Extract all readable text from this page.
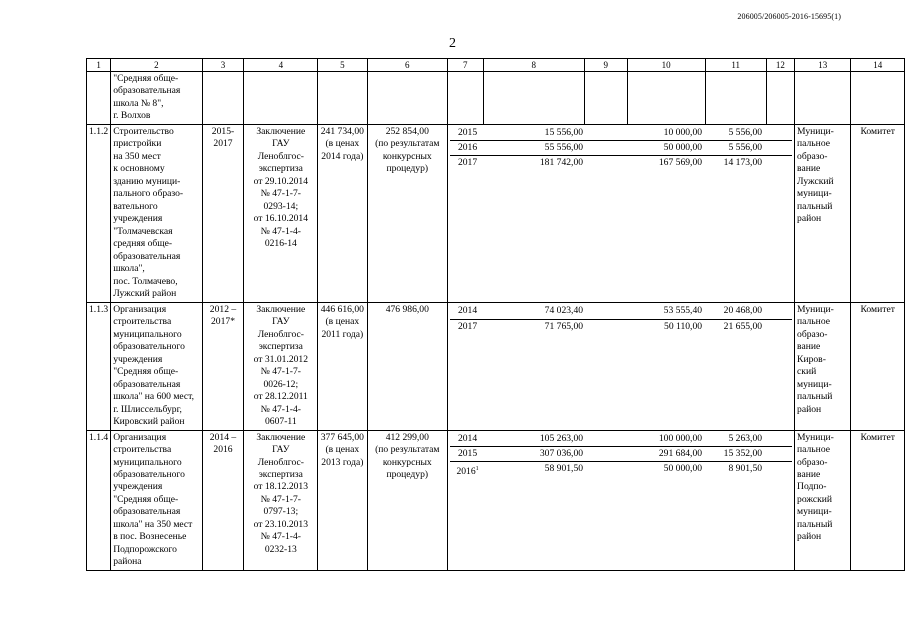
206005/206005-2016-15695(1)
2
1	2	3	4	5	6	7	8	9	10	11	12	13	14
	"Средняя обще-
образовательная
школа № 8",
г. Волхов												
1.1.2	Строительство
пристройки
на 350 мест
к основному
зданию муници-
пального образо-
вательного
учреждения
"Толмачевская
средняя обще-
образовательная
школа",
пос. Толмачево,
Лужский район	2015-
2017	Заключение
ГАУ
Ленoблгос-
экспертиза
от 29.10.2014
№ 47-1-7-
0293-14;
от 16.10.2014
№ 47-1-4-
0216-14	241 734,00
(в ценах
2014 года)	252 854,00
(по результатам
конкурсных
процедур)	
2015	15 556,00		10 000,00	5 556,00	
2016	55 556,00		50 000,00	5 556,00	
2017	181 742,00		167 569,00	14 173,00	
	Муници-
пальное
образо-
вание
Лужский
муници-
пальный
район	Комитет
1.1.3	Организация
строительства
муниципального
образовательного
учреждения
"Средняя обще-
образовательная
школа" на 600 мест,
г. Шлиссельбург,
Кировский район	2012 –
2017*	Заключение
ГАУ
Ленoблгос-
экспертиза
от 31.01.2012
№ 47-1-7-
0026-12;
от 28.12.2011
№ 47-1-4-
0607-11	446 616,00
(в ценах
2011 года)	476 986,00		2014	74 023,40		53 555,40	20 468,00	
2017	71 765,00		50 110,00	21 655,00	
	Муници-
пальное
образо-
вание
Киров-
ский
муници-
пальный
район	Комитет
1.1.4	Организация
строительства
муниципального
образовательного
учреждения
"Средняя обще-
образовательная
школа" на 350 мест
в пос. Вознесенье
Подпорожского
района	2014 –
2016	Заключение
ГАУ
Ленoблгос-
экспертиза
от 18.12.2013
№ 47-1-7-
0797-13;
от 23.10.2013
№ 47-1-4-
0232-13	377 645,00
(в ценах
2013 года)	412 299,00
(по результатам
конкурсных
процедур)	
2014	105 263,00		100 000,00	5 263,00	
2015	307 036,00		291 684,00	15 352,00	
2016$^1$	58 901,50		50 000,00	8 901,50	
	Муници-
пальное
образо-
вание
Подпо-
рожский
муници-
пальный
район	Комитет
